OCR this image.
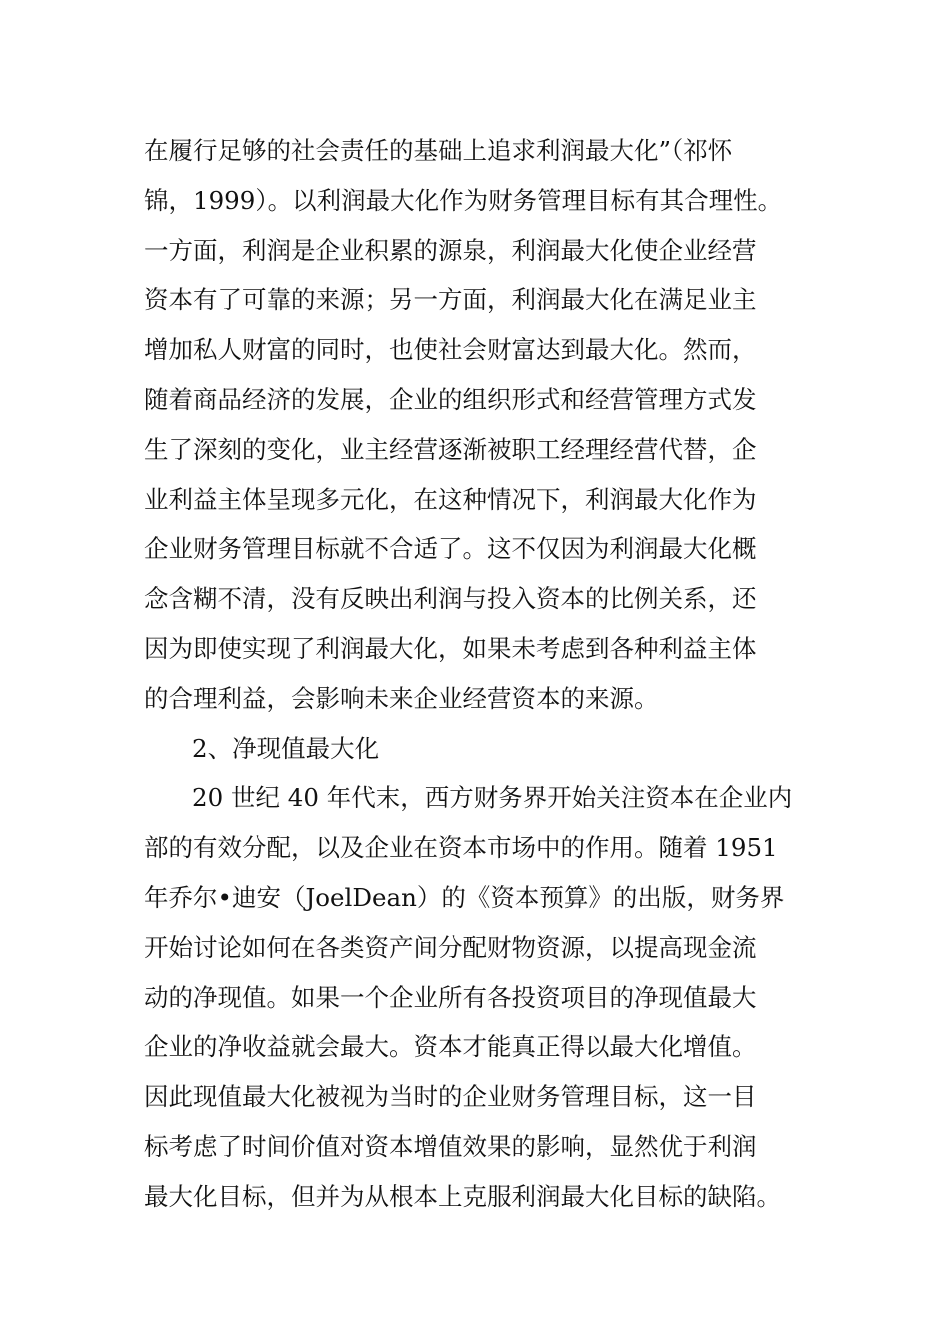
在履行足够的社会责任的基础上追求利润最大化”（祁怀
锦，1999）。以利润最大化作为财务管理目标有其合理性。
一方面，利润是企业积累的源泉，利润最大化使企业经营
资本有了可靠的来源；另一方面，利润最大化在满足业主
增加私人财富的同时，也使社会财富达到最大化。然而，
随着商品经济的发展，企业的组织形式和经营管理方式发
生了深刻的变化，业主经营逐渐被职工经理经营代替，企
业利益主体呈现多元化，在这种情况下，利润最大化作为
企业财务管理目标就不合适了。这不仅因为利润最大化概
念含糊不清，没有反映出利润与投入资本的比例关系，还
因为即使实现了利润最大化，如果未考虑到各种利益主体
的合理利益，会影响未来企业经营资本的来源。
2、净现值最大化
20 世纪 40 年代末，西方财务界开始关注资本在企业内
部的有效分配，以及企业在资本市场中的作用。随着 1951
年乔尔•迪安（JoelDean）的《资本预算》的出版，财务界
开始讨论如何在各类资产间分配财物资源，以提高现金流
动的净现值。如果一个企业所有各投资项目的净现值最大
企业的净收益就会最大。资本才能真正得以最大化增值。
因此现值最大化被视为当时的企业财务管理目标，这一目
标考虑了时间价值对资本增值效果的影响，显然优于利润
最大化目标，但并为从根本上克服利润最大化目标的缺陷。
